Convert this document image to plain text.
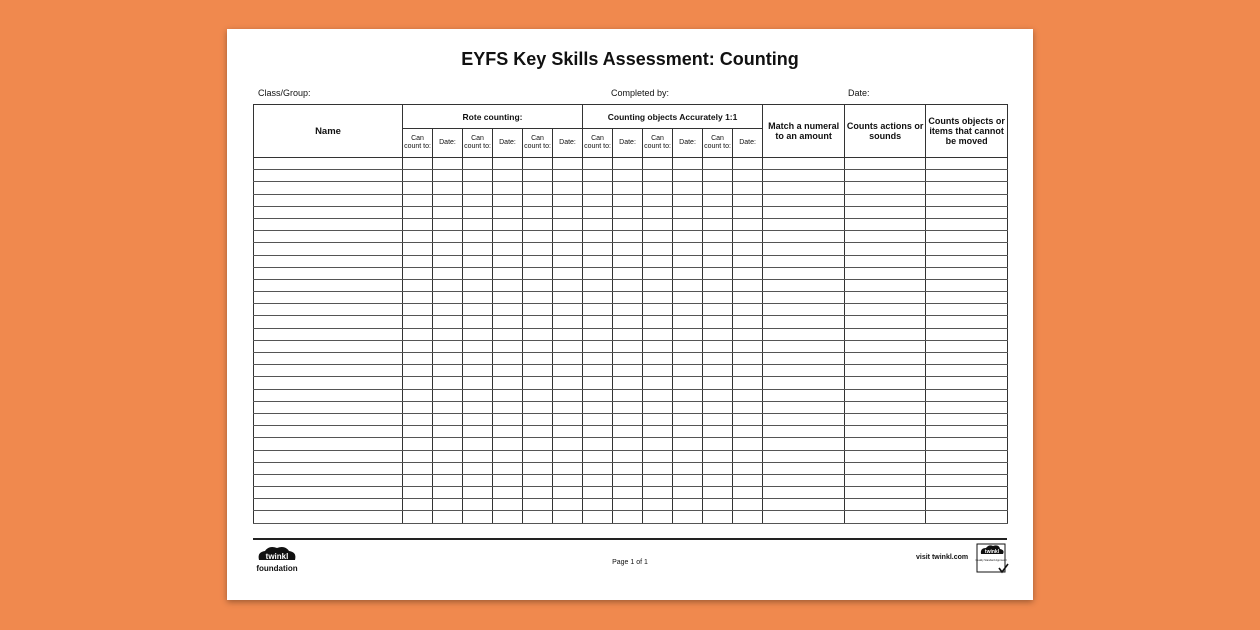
EYFS Key Skills Assessment: Counting
Class/Group:	Completed by:	Date:
Name	Rote counting:						Counting objects Accurately 1:1						Match a numeral to an amount	Counts actions or sounds	Counts objects or items that cannot be moved
	Can count to:	Date:	Can count to:	Date:	Can count to:	Date:	Can count to:	Date:	Can count to:	Date:	Can count to:	Date:			

twinkl
foundation
Page 1 of 1
visit twinkl.com
twinkl
Quality Standard Approved
